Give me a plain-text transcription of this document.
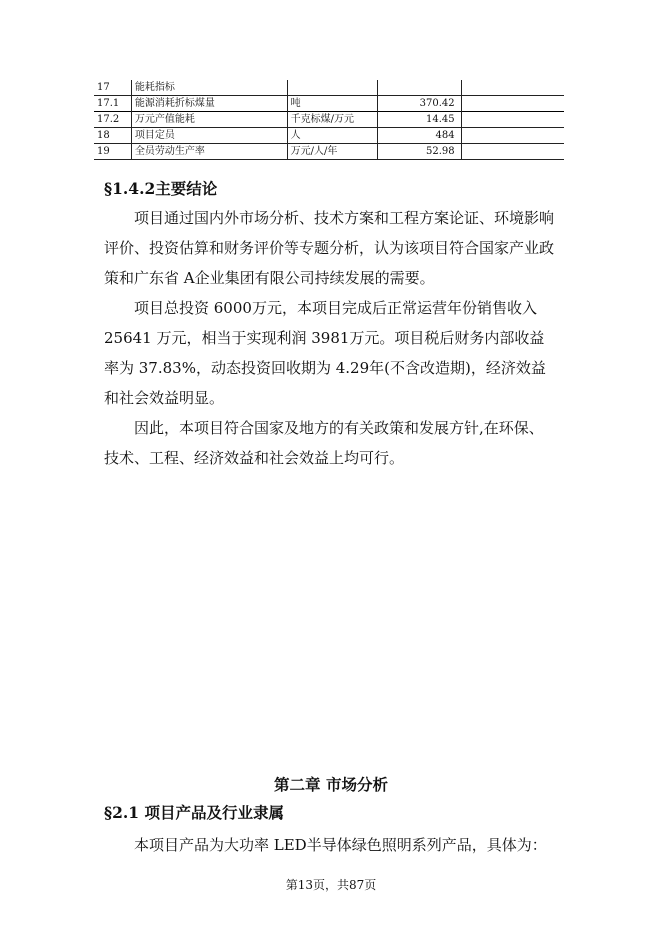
17	能耗指标			
17.1	能源消耗折标煤量	吨	370.42	
17.2	万元产值能耗	千克标煤/万元	14.45	
18	项目定员	人	484	
19	全员劳动生产率	万元/人/年	52.98	
§1.4.2主要结论

项目通过国内外市场分析、技术方案和工程方案论证、环境影响评价、投资估算和财务评价等专题分析，认为该项目符合国家产业政策和广东省 A企业集团有限公司持续发展的需要。

项目总投资 6000万元，本项目完成后正常运营年份销售收入25641 万元，相当于实现利润 3981万元。项目税后财务内部收益率为 37.83%，动态投资回收期为 4.29年(不含改造期)，经济效益和社会效益明显。

因此，本项目符合国家及地方的有关政策和发展方针,在环保、技术、工程、经济效益和社会效益上均可行。

第二章 市场分析
§2.1 项目产品及行业隶属

本项目产品为大功率 LED半导体绿色照明系列产品，具体为：

第13页，共87页
